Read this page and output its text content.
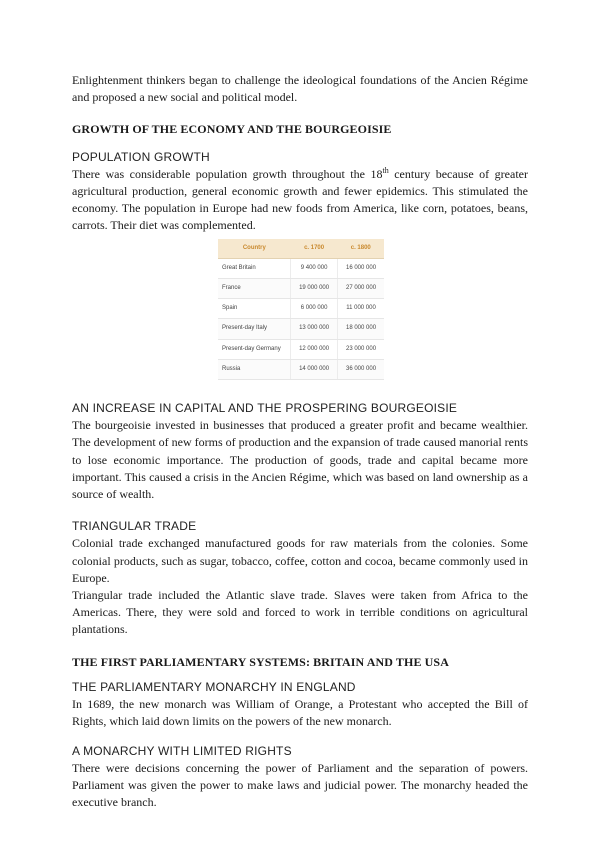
Enlightenment thinkers began to challenge the ideological foundations of the Ancien Régime and proposed a new social and political model.

GROWTH OF THE ECONOMY AND THE BOURGEOISIE
POPULATION GROWTH

There was considerable population growth throughout the 18th century because of greater agricultural production, general economic growth and fewer epidemics. This stimulated the economy. The population in Europe had new foods from America, like corn, potatoes, beans, carrots. Their diet was complemented.

Country	c. 1700	c. 1800
Great Britain	9 400 000	16 000 000
France	19 000 000	27 000 000
Spain	6 000 000	11 000 000
Present-day Italy	13 000 000	18 000 000
Present-day Germany	12 000 000	23 000 000
Russia	14 000 000	36 000 000
AN INCREASE IN CAPITAL AND THE PROSPERING BOURGEOISIE

The bourgeoisie invested in businesses that produced a greater profit and became wealthier. The development of new forms of production and the expansion of trade caused manorial rents to lose economic importance. The production of goods, trade and capital became more important. This caused a crisis in the Ancien Régime, which was based on land ownership as a source of wealth.

TRIANGULAR TRADE

Colonial trade exchanged manufactured goods for raw materials from the colonies. Some colonial products, such as sugar, tobacco, coffee, cotton and cocoa, became commonly used in Europe.

Triangular trade included the Atlantic slave trade. Slaves were taken from Africa to the Americas. There, they were sold and forced to work in terrible conditions on agricultural plantations.

THE FIRST PARLIAMENTARY SYSTEMS: BRITAIN AND THE USA
THE PARLIAMENTARY MONARCHY IN ENGLAND

In 1689, the new monarch was William of Orange, a Protestant who accepted the Bill of Rights, which laid down limits on the powers of the new monarch.

A MONARCHY WITH LIMITED RIGHTS

There were decisions concerning the power of Parliament and the separation of powers. Parliament was given the power to make laws and judicial power. The monarchy headed the executive branch.
